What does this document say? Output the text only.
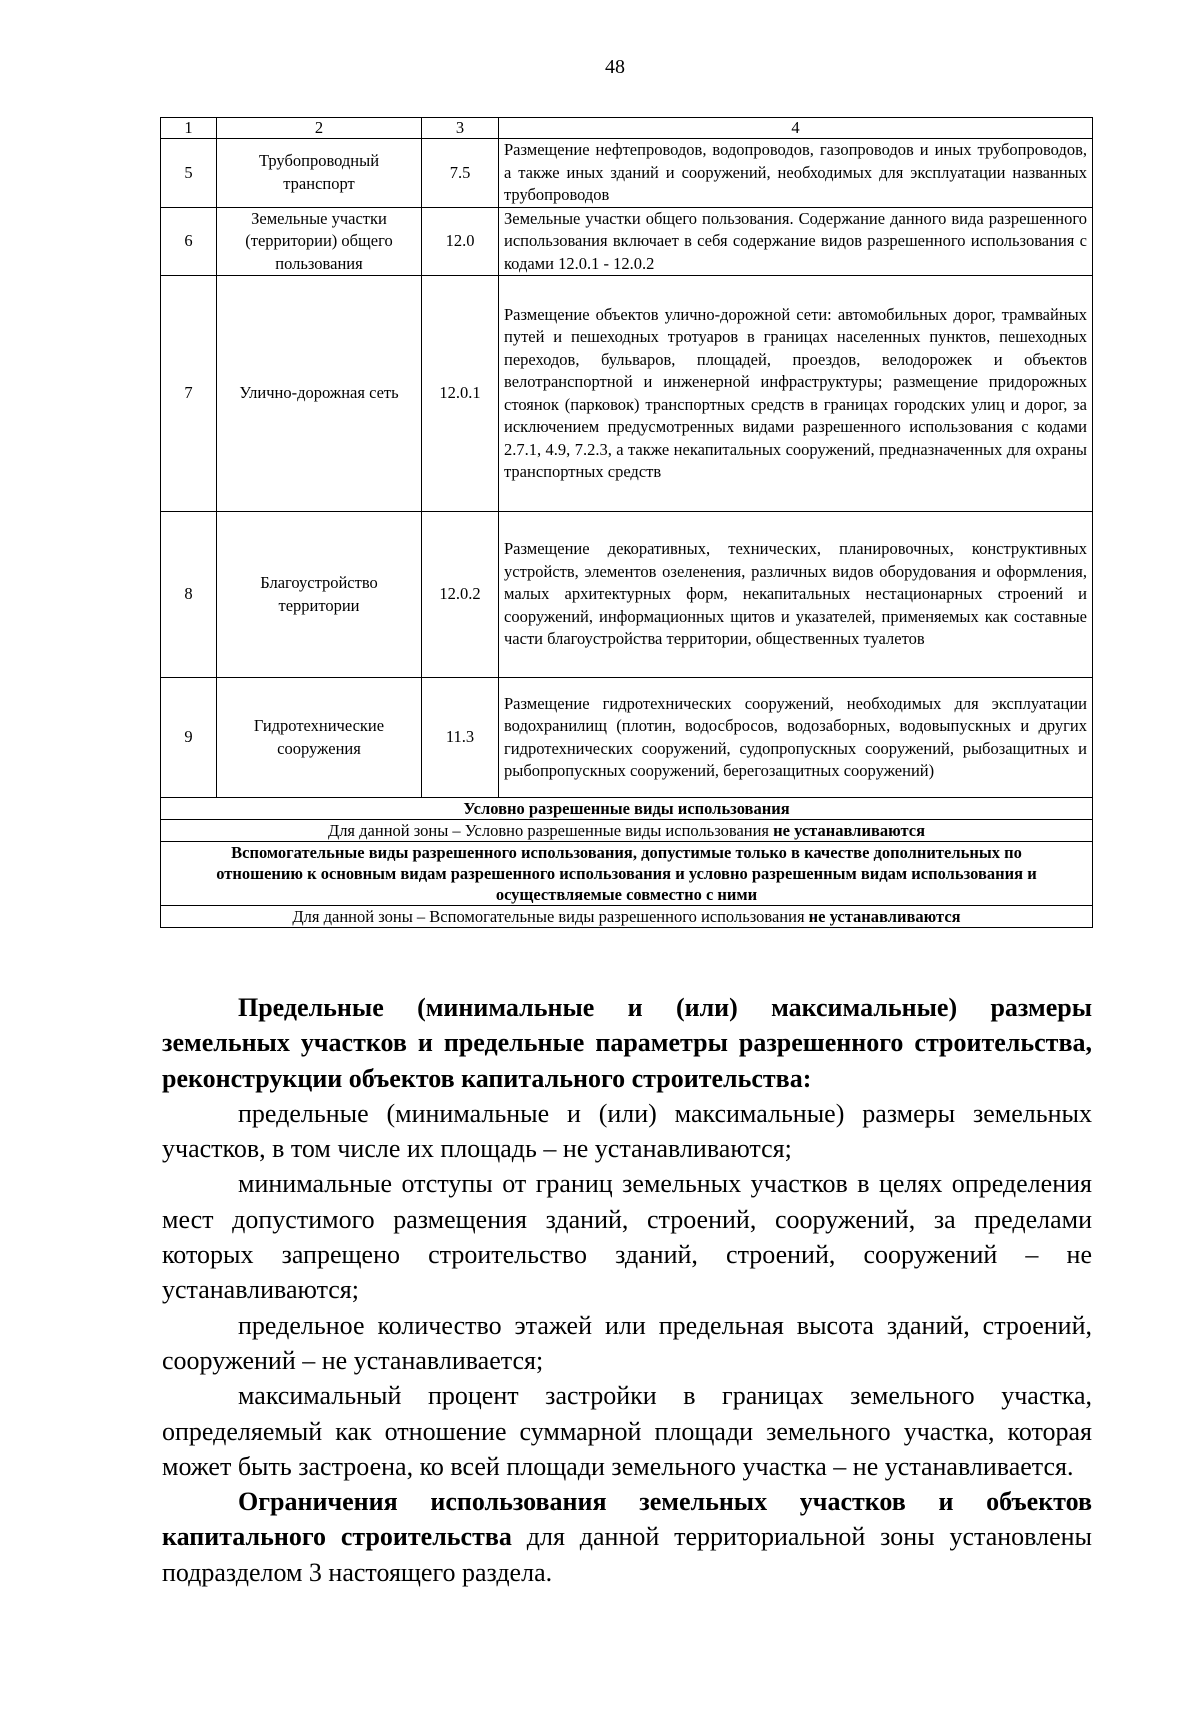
48
1	2	3	4
5	Трубопроводный транспорт	7.5	Размещение нефтепроводов, водопроводов, газопроводов и иных трубопроводов, а также иных зданий и сооружений, необходимых для эксплуатации названных трубопроводов
6	Земельные участки (территории) общего пользования	12.0	Земельные участки общего пользования. Содержание данного вида разрешенного использования включает в себя содержание видов разрешенного использования с кодами 12.0.1 - 12.0.2
7	Улично-дорожная сеть	12.0.1	Размещение объектов улично-дорожной сети: автомобильных дорог, трамвайных путей и пешеходных тротуаров в границах населенных пунктов, пешеходных переходов, бульваров, площадей, проездов, велодорожек и объектов велотранспортной и инженерной инфраструктуры; размещение придорожных стоянок (парковок) транспортных средств в границах городских улиц и дорог, за исключением предусмотренных видами разрешенного использования с кодами 2.7.1, 4.9, 7.2.3, а также некапитальных сооружений, предназначенных для охраны транспортных средств
8	Благоустройство территории	12.0.2	Размещение декоративных, технических, планировочных, конструктивных устройств, элементов озеленения, различных видов оборудования и оформления, малых архитектурных форм, некапитальных нестационарных строений и сооружений, информационных щитов и указателей, применяемых как составные части благоустройства территории, общественных туалетов
9	Гидротехнические сооружения	11.3	Размещение гидротехнических сооружений, необходимых для эксплуатации водохранилищ (плотин, водосбросов, водозаборных, водовыпускных и других гидротехнических сооружений, судопропускных сооружений, рыбозащитных и рыбопропускных сооружений, берегозащитных сооружений)
Условно разрешенные виды использования			
Для данной зоны – Условно разрешенные виды использования не устанавливаются			
Вспомогательные виды разрешенного использования, допустимые только в качестве дополнительных по отношению к основным видам разрешенного использования и условно разрешенным видам использования и осуществляемые совместно с ними			
Для данной зоны – Вспомогательные виды разрешенного использования не устанавливаются			

Предельные (минимальные и (или) максимальные) размеры земельных участков и предельные параметры разрешенного строительства, реконструкции объектов капитального строительства:

предельные (минимальные и (или) максимальные) размеры земельных участков, в том числе их площадь – не устанавливаются;

минимальные отступы от границ земельных участков в целях определения мест допустимого размещения зданий, строений, сооружений, за пределами которых запрещено строительство зданий, строений, сооружений – не устанавливаются;

предельное количество этажей или предельная высота зданий, строений, сооружений – не устанавливается;

максимальный процент застройки в границах земельного участка, определяемый как отношение суммарной площади земельного участка, которая может быть застроена, ко всей площади земельного участка – не устанавливается.

Ограничения использования земельных участков и объектов капитального строительства для данной территориальной зоны установлены подразделом 3 настоящего раздела.
